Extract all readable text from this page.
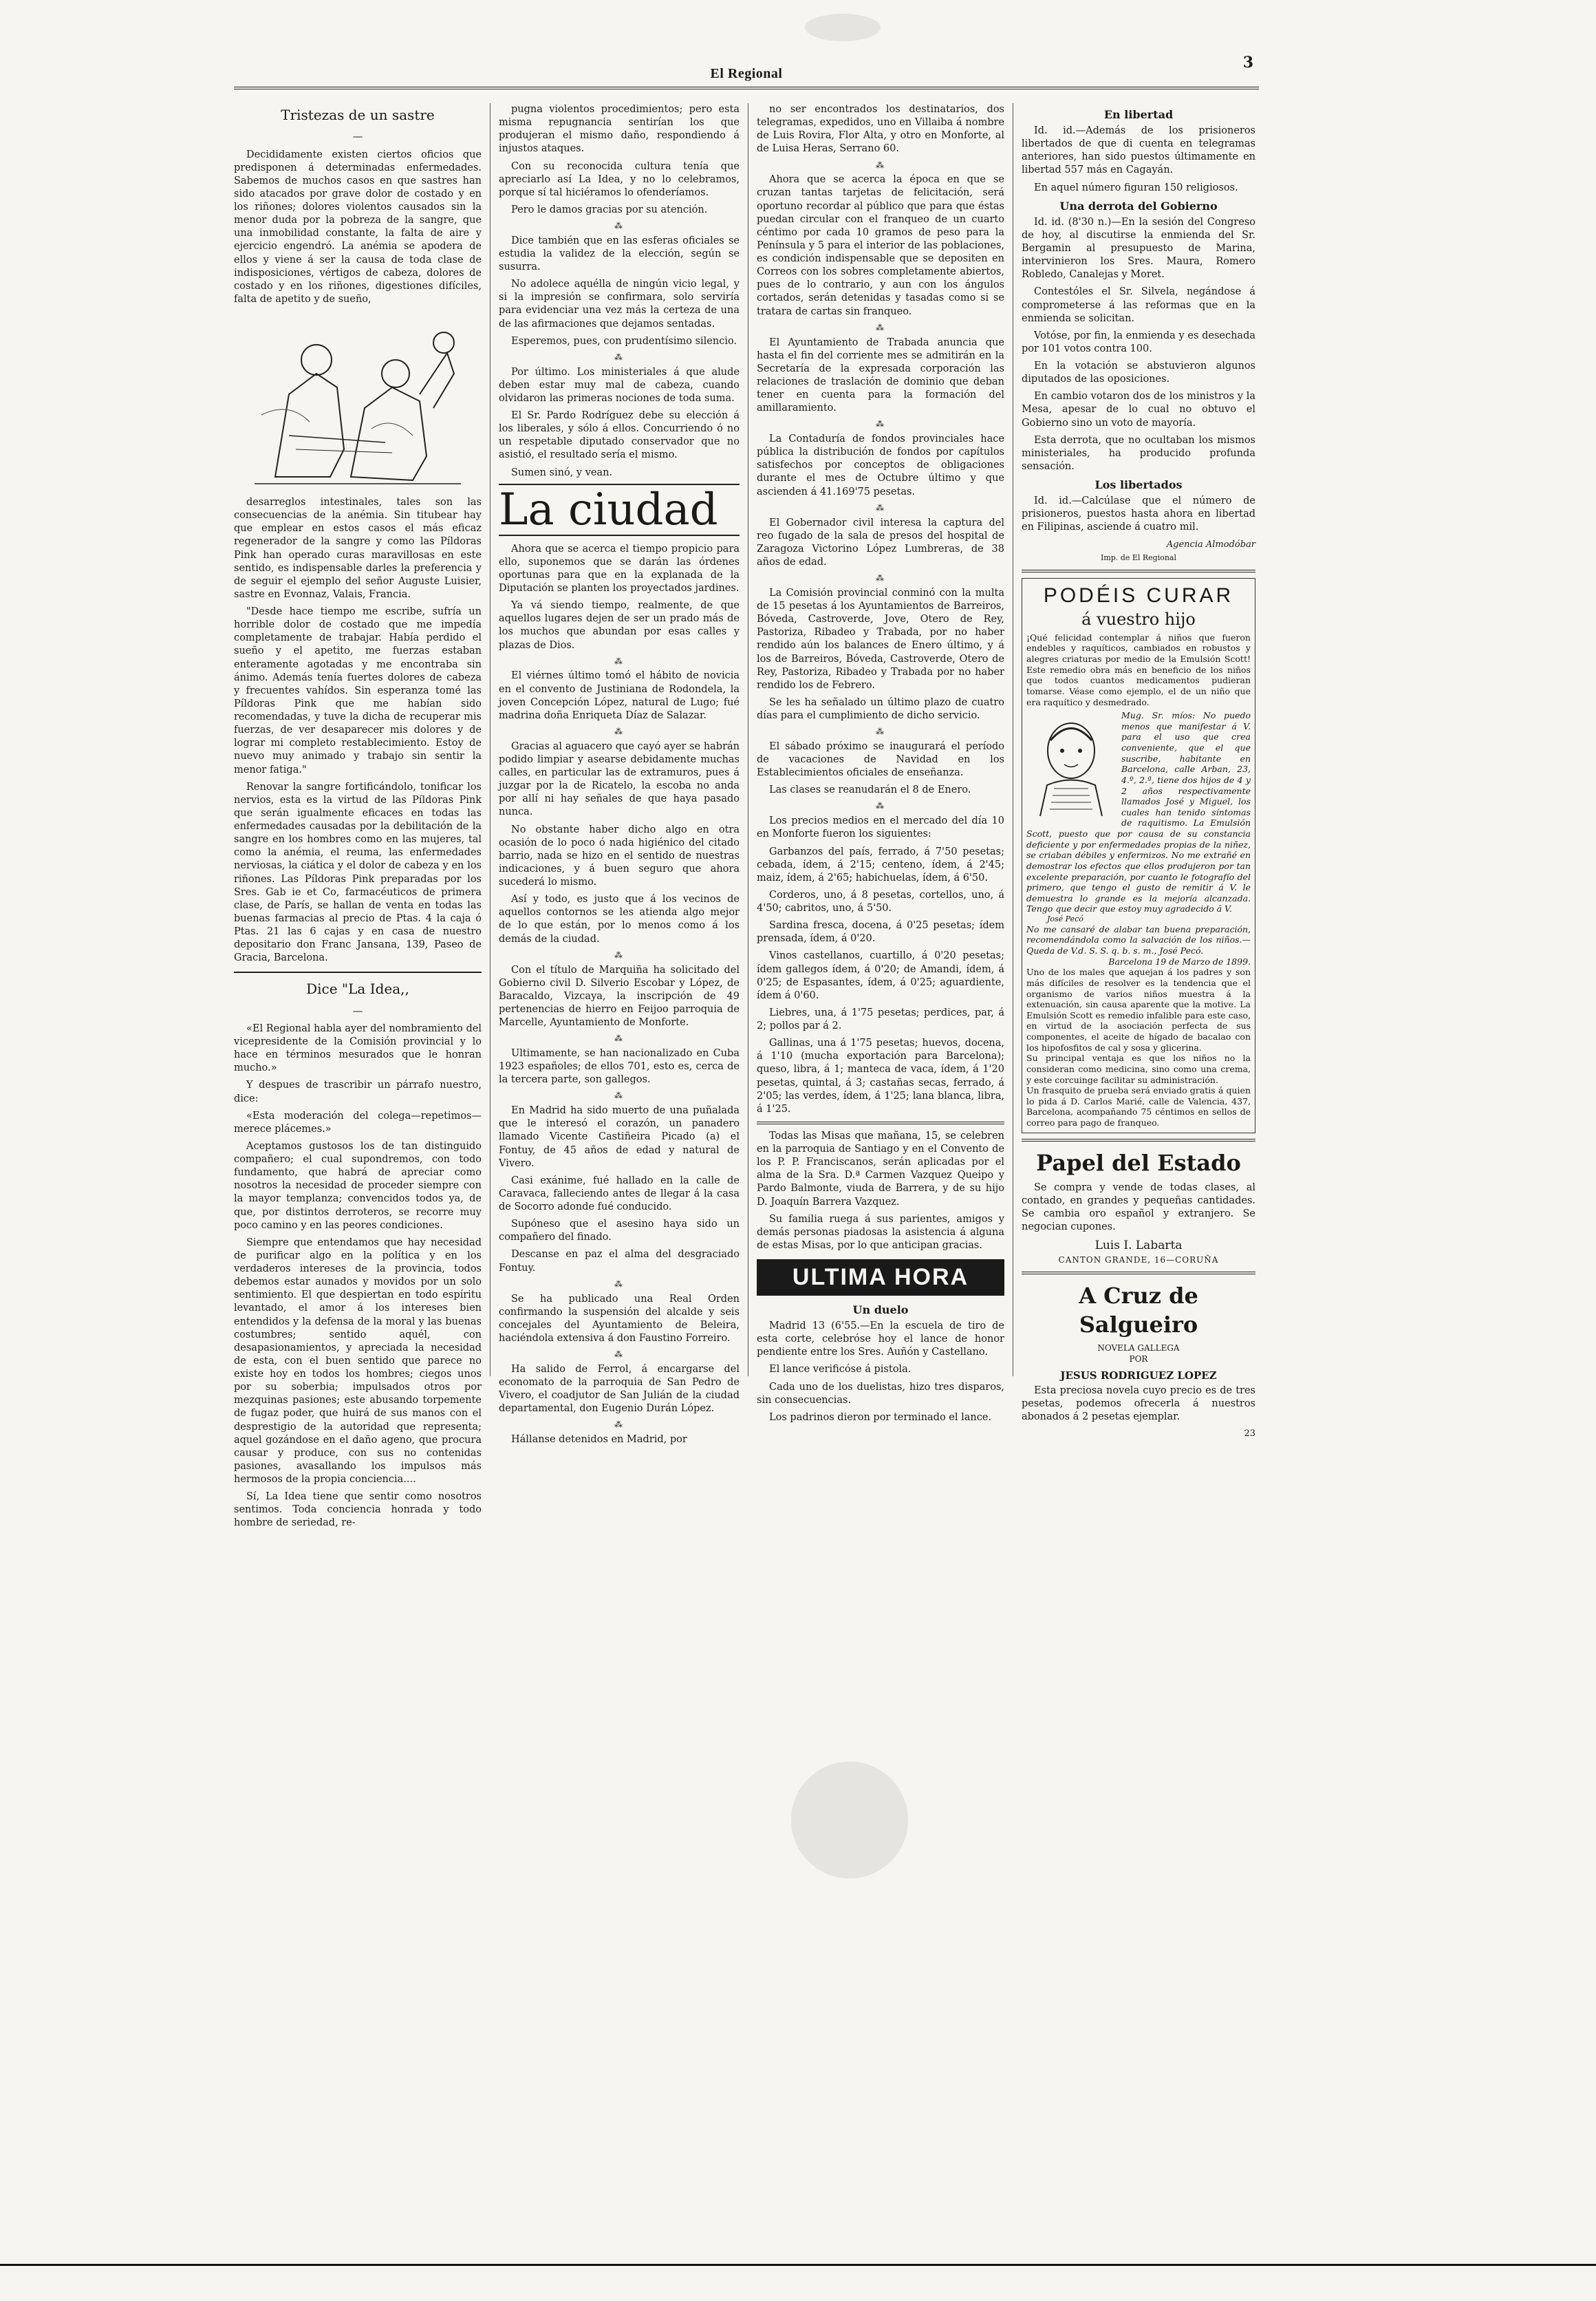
El Regional
3
Tristezas de un sastre
—

Decididamente existen ciertos oficios que predisponen á determinadas enfermedades. Sabemos de muchos casos en que sastres han sido atacados por grave dolor de costado y en los riñones; dolores violentos causados sin la menor duda por la pobreza de la sangre, que una inmobilidad constante, la falta de aire y ejercicio engendró. La anémia se apodera de ellos y viene á ser la causa de toda clase de indisposiciones, vértigos de cabeza, dolores de costado y en los riñones, digestiones difíciles, falta de apetito y de sueño,

desarreglos intestinales, tales son las consecuencias de la anémia. Sin titubear hay que emplear en estos casos el más eficaz regenerador de la sangre y como las Píldoras Pink han operado curas maravillosas en este sentido, es indispensable darles la preferencia y de seguir el ejemplo del señor Auguste Luisier, sastre en Evonnaz, Valais, Francia.

"Desde hace tiempo me escribe, sufría un horrible dolor de costado que me impedía completamente de trabajar. Había perdido el sueño y el apetito, me fuerzas estaban enteramente agotadas y me encontraba sin ánimo. Además tenía fuertes dolores de cabeza y frecuentes vahídos. Sin esperanza tomé las Píldoras Pink que me habían sido recomendadas, y tuve la dicha de recuperar mis fuerzas, de ver desaparecer mis dolores y de lograr mi completo restablecimiento. Estoy de nuevo muy animado y trabajo sin sentir la menor fatiga."

Renovar la sangre fortificándolo, tonificar los nervios, esta es la virtud de las Píldoras Pink que serán igualmente eficaces en todas las enfermedades causadas por la debilitación de la sangre en los hombres como en las mujeres, tal como la anémia, el reuma, las enfermedades nerviosas, la ciática y el dolor de cabeza y en los riñones. Las Píldoras Pink preparadas por los Sres. Gab ie et Co, farmacéuticos de primera clase, de París, se hallan de venta en todas las buenas farmacias al precio de Ptas. 4 la caja ó Ptas. 21 las 6 cajas y en casa de nuestro depositario don Franc Jansana, 139, Paseo de Gracia, Barcelona.

Dice "La Idea,,
—

«El Regional habla ayer del nombramiento del vicepresidente de la Comisión provincial y lo hace en términos mesurados que le honran mucho.»

Y despues de trascribir un párrafo nuestro, dice:

«Esta moderación del colega—repetimos—merece plácemes.»

Aceptamos gustosos los de tan distinguido compañero; el cual supondremos, con todo fundamento, que habrá de apreciar como nosotros la necesidad de proceder siempre con la mayor templanza; convencidos todos ya, de que, por distintos derroteros, se recorre muy poco camino y en las peores condiciones.

Siempre que entendamos que hay necesidad de purificar algo en la política y en los verdaderos intereses de la provincia, todos debemos estar aunados y movidos por un solo sentimiento. El que despiertan en todo espíritu levantado, el amor á los intereses bien entendidos y la defensa de la moral y las buenas costumbres; sentido aquél, con desapasionamientos, y apreciada la necesidad de esta, con el buen sentido que parece no existe hoy en todos los hombres; ciegos unos por su soberbia; impulsados otros por mezquinas pasiones; este abusando torpemente de fugaz poder, que huirá de sus manos con el desprestigio de la autoridad que representa; aquel gozándose en el daño ageno, que procura causar y produce, con sus no contenidas pasiones, avasallando los impulsos más hermosos de la propia conciencia....

Sí, La Idea tiene que sentir como nosotros sentimos. Toda conciencia honrada y todo hombre de seriedad, re-

pugna violentos procedimientos; pero esta misma repugnancia sentirían los que produjeran el mismo daño, respondiendo á injustos ataques.

Con su reconocida cultura tenía que apreciarlo así La Idea, y no lo celebramos, porque sí tal hiciéramos lo ofenderíamos.

Pero le damos gracias por su atención.

⁂

Dice también que en las esferas oficiales se estudia la validez de la elección, según se susurra.

No adolece aquélla de ningún vicio legal, y si la impresión se confirmara, solo serviría para evidenciar una vez más la certeza de una de las afirmaciones que dejamos sentadas.

Esperemos, pues, con prudentísimo silencio.

⁂

Por último. Los ministeriales á que alude deben estar muy mal de cabeza, cuando olvidaron las primeras nociones de toda suma.

El Sr. Pardo Rodríguez debe su elección á los liberales, y sólo á ellos. Concurriendo ó no un respetable diputado conservador que no asistió, el resultado sería el mismo.

Sumen sinó, y vean.

La ciudad

Ahora que se acerca el tiempo propicio para ello, suponemos que se darán las órdenes oportunas para que en la explanada de la Diputación se planten los proyectados jardines.

Ya vá siendo tiempo, realmente, de que aquellos lugares dejen de ser un prado más de los muchos que abundan por esas calles y plazas de Dios.

⁂

El viérnes último tomó el hábito de novicia en el convento de Justiniana de Rodondela, la joven Concepción López, natural de Lugo; fué madrina doña Enriqueta Díaz de Salazar.

⁂

Gracias al aguacero que cayó ayer se habrán podido limpiar y asearse debidamente muchas calles, en particular las de extramuros, pues á juzgar por la de Ricatelo, la escoba no anda por allí ni hay señales de que haya pasado nunca.

No obstante haber dicho algo en otra ocasión de lo poco ó nada higiénico del citado barrio, nada se hizo en el sentido de nuestras indicaciones, y á buen seguro que ahora sucederá lo mismo.

Así y todo, es justo que á los vecinos de aquellos contornos se les atienda algo mejor de lo que están, por lo menos como á los demás de la ciudad.

⁂

Con el título de Marquiña ha solicitado del Gobierno civil D. Silverio Escobar y López, de Baracaldo, Vizcaya, la inscripción de 49 pertenencias de hierro en Feijoo parroquia de Marcelle, Ayuntamiento de Monforte.

⁂

Ultimamente, se han nacionalizado en Cuba 1923 españoles; de ellos 701, esto es, cerca de la tercera parte, son gallegos.

⁂

En Madrid ha sido muerto de una puñalada que le interesó el corazón, un panadero llamado Vicente Castiñeira Picado (a) el Fontuy, de 45 años de edad y natural de Vivero.

Casi exánime, fué hallado en la calle de Caravaca, falleciendo antes de llegar á la casa de Socorro adonde fué conducido.

Supóneso que el asesino haya sido un compañero del finado.

Descanse en paz el alma del desgraciado Fontuy.

⁂

Se ha publicado una Real Orden confirmando la suspensión del alcalde y seis concejales del Ayuntamiento de Beleira, haciéndola extensiva á don Faustino Forreiro.

⁂

Ha salido de Ferrol, á encargarse del economato de la parroquia de San Pedro de Vivero, el coadjutor de San Julián de la ciudad departamental, don Eugenio Durán López.

⁂

Hállanse detenidos en Madrid, por

no ser encontrados los destinatarios, dos telegramas, expedidos, uno en Villaiba á nombre de Luis Rovira, Flor Alta, y otro en Monforte, al de Luisa Heras, Serrano 60.

⁂

Ahora que se acerca la época en que se cruzan tantas tarjetas de felicitación, será oportuno recordar al público que para que éstas puedan circular con el franqueo de un cuarto céntimo por cada 10 gramos de peso para la Península y 5 para el interior de las poblaciones, es condición indispensable que se depositen en Correos con los sobres completamente abiertos, pues de lo contrario, y aun con los ángulos cortados, serán detenidas y tasadas como si se tratara de cartas sin franqueo.

⁂

El Ayuntamiento de Trabada anuncia que hasta el fin del corriente mes se admitirán en la Secretaría de la expresada corporación las relaciones de traslación de dominio que deban tener en cuenta para la formación del amillaramiento.

⁂

La Contaduría de fondos provinciales hace pública la distribución de fondos por capítulos satisfechos por conceptos de obligaciones durante el mes de Octubre último y que ascienden á 41.169'75 pesetas.

⁂

El Gobernador civil interesa la captura del reo fugado de la sala de presos del hospital de Zaragoza Victorino López Lumbreras, de 38 años de edad.

⁂

La Comisión provincial conminó con la multa de 15 pesetas á los Ayuntamientos de Barreiros, Bóveda, Castroverde, Jove, Otero de Rey, Pastoriza, Ribadeo y Trabada, por no haber rendido aún los balances de Enero último, y á los de Barreiros, Bóveda, Castroverde, Otero de Rey, Pastoriza, Ribadeo y Trabada por no haber rendido los de Febrero.

Se les ha señalado un último plazo de cuatro días para el cumplimiento de dicho servicio.

⁂

El sábado próximo se inaugurará el período de vacaciones de Navidad en los Establecimientos oficiales de enseñanza.

Las clases se reanudarán el 8 de Enero.

⁂

Los precios medios en el mercado del día 10 en Monforte fueron los siguientes:

Garbanzos del país, ferrado, á 7'50 pesetas; cebada, ídem, á 2'15; centeno, ídem, á 2'45; maiz, ídem, á 2'65; habichuelas, ídem, á 6'50.

Corderos, uno, á 8 pesetas, cortellos, uno, á 4'50; cabritos, uno, á 5'50.

Sardina fresca, docena, á 0'25 pesetas; ídem prensada, ídem, á 0'20.

Vinos castellanos, cuartillo, á 0'20 pesetas; ídem gallegos ídem, á 0'20; de Amandi, ídem, á 0'25; de Espasantes, ídem, á 0'25; aguardiente, ídem á 0'60.

Liebres, una, á 1'75 pesetas; perdices, par, á 2; pollos par á 2.

Gallinas, una á 1'75 pesetas; huevos, docena, á 1'10 (mucha exportación para Barcelona); queso, libra, á 1; manteca de vaca, ídem, á 1'20 pesetas, quintal, á 3; castañas secas, ferrado, á 2'05; las verdes, ídem, á 1'25; lana blanca, libra, á 1'25.

Todas las Misas que mañana, 15, se celebren en la parroquia de Santiago y en el Convento de los P. P. Franciscanos, serán aplicadas por el alma de la Sra. D.ª Carmen Vazquez Queipo y Pardo Balmonte, viuda de Barrera, y de su hijo D. Joaquín Barrera Vazquez.

Su familia ruega á sus parientes, amigos y demás personas piadosas la asistencia á alguna de estas Misas, por lo que anticipan gracias.

ULTIMA HORA
Un duelo

Madrid 13 (6'55.—En la escuela de tiro de esta corte, celebróse hoy el lance de honor pendiente entre los Sres. Auñón y Castellano.

El lance verificóse á pistola.

Cada uno de los duelistas, hizo tres disparos, sin consecuencias.

Los padrinos dieron por terminado el lance.

En libertad

Id. id.—Además de los prisioneros libertados de que di cuenta en telegramas anteriores, han sido puestos últimamente en libertad 557 más en Cagayán.

En aquel número figuran 150 religiosos.

Una derrota del Gobierno

Id. id. (8'30 n.)—En la sesión del Congreso de hoy, al discutirse la enmienda del Sr. Bergamin al presupuesto de Marina, intervinieron los Sres. Maura, Romero Robledo, Canalejas y Moret.

Contestóles el Sr. Silvela, negándose á comprometerse á las reformas que en la enmienda se solicitan.

Votóse, por fin, la enmienda y es desechada por 101 votos contra 100.

En la votación se abstuvieron algunos diputados de las oposiciones.

En cambio votaron dos de los ministros y la Mesa, apesar de lo cual no obtuvo el Gobierno sino un voto de mayoría.

Esta derrota, que no ocultaban los mismos ministeriales, ha producido profunda sensación.

Los libertados

Id. id.—Calcúlase que el número de prisioneros, puestos hasta ahora en libertad en Filipinas, asciende á cuatro mil.

Agencia Almodóbar
Imp. de El Regional
PODÉIS CURAR
á vuestro hijo
¡Qué felicidad contemplar á niños que fueron endebles y raquíticos, cambiados en robustos y alegres criaturas por medio de la Emulsión Scott! Este remedio obra más en beneficio de los niños que todos cuantos medicamentos pudieran tomarse. Véase como ejemplo, el de un niño que era raquítico y desmedrado.
Mug. Sr. míos: No puedo menos que manifestar á V. para el uso que crea conveniente, que el que suscribe, habitante en Barcelona, calle Arban, 23, 4.º, 2.ª, tiene dos hijos de 4 y 2 años respectivamente llamados José y Miguel, los cuales han tenido síntomas de raquitismo. La Emulsión Scott, puesto que por causa de su constancia deficiente y por enfermedades propias de la niñez, se criaban débiles y enfermizos. No me extrañé en demostrar los efectos que ellos produjeron por tan excelente preparación, por cuanto le fotografío del primero, que tengo el gusto de remitir á V. le demuestra lo grande es la mejoría alcanzada. Tengo que decir que estoy muy agradecido á V.
José Pecó
No me cansaré de alabar tan buena preparación, recomendándola como la salvación de los niños.—Queda de V.d. S. S. q. b. s. m., José Pecó.
Barcelona 19 de Marzo de 1899.
Uno de los males que aquejan á los padres y son más difíciles de resolver es la tendencia que el organismo de varios niños muestra á la extenuación, sin causa aparente que la motive. La Emulsión Scott es remedio infalible para este caso, en virtud de la asociación perfecta de sus componentes, el aceite de hígado de bacalao con los hipofosfitos de cal y sosa y glicerina.
Su principal ventaja es que los niños no la consideran como medicina, sino como una crema, y este corcuinge facilitar su administración.
Un frasquito de prueba será enviado gratis á quien lo pida á D. Carlos Marié, calle de Valencia, 437, Barcelona, acompañando 75 céntimos en sellos de correo para pago de franqueo.
Papel del Estado

Se compra y vende de todas clases, al contado, en grandes y pequeñas cantidades. Se cambia oro español y extranjero. Se negocian cupones.

Luis I. Labarta
CANTON GRANDE, 16—CORUÑA
A Cruz de Salgueiro
NOVELA GALLEGA
POR
JESUS RODRIGUEZ LOPEZ

Esta preciosa novela cuyo precio es de tres pesetas, podemos ofrecerla á nuestros abonados á 2 pesetas ejemplar.

23
